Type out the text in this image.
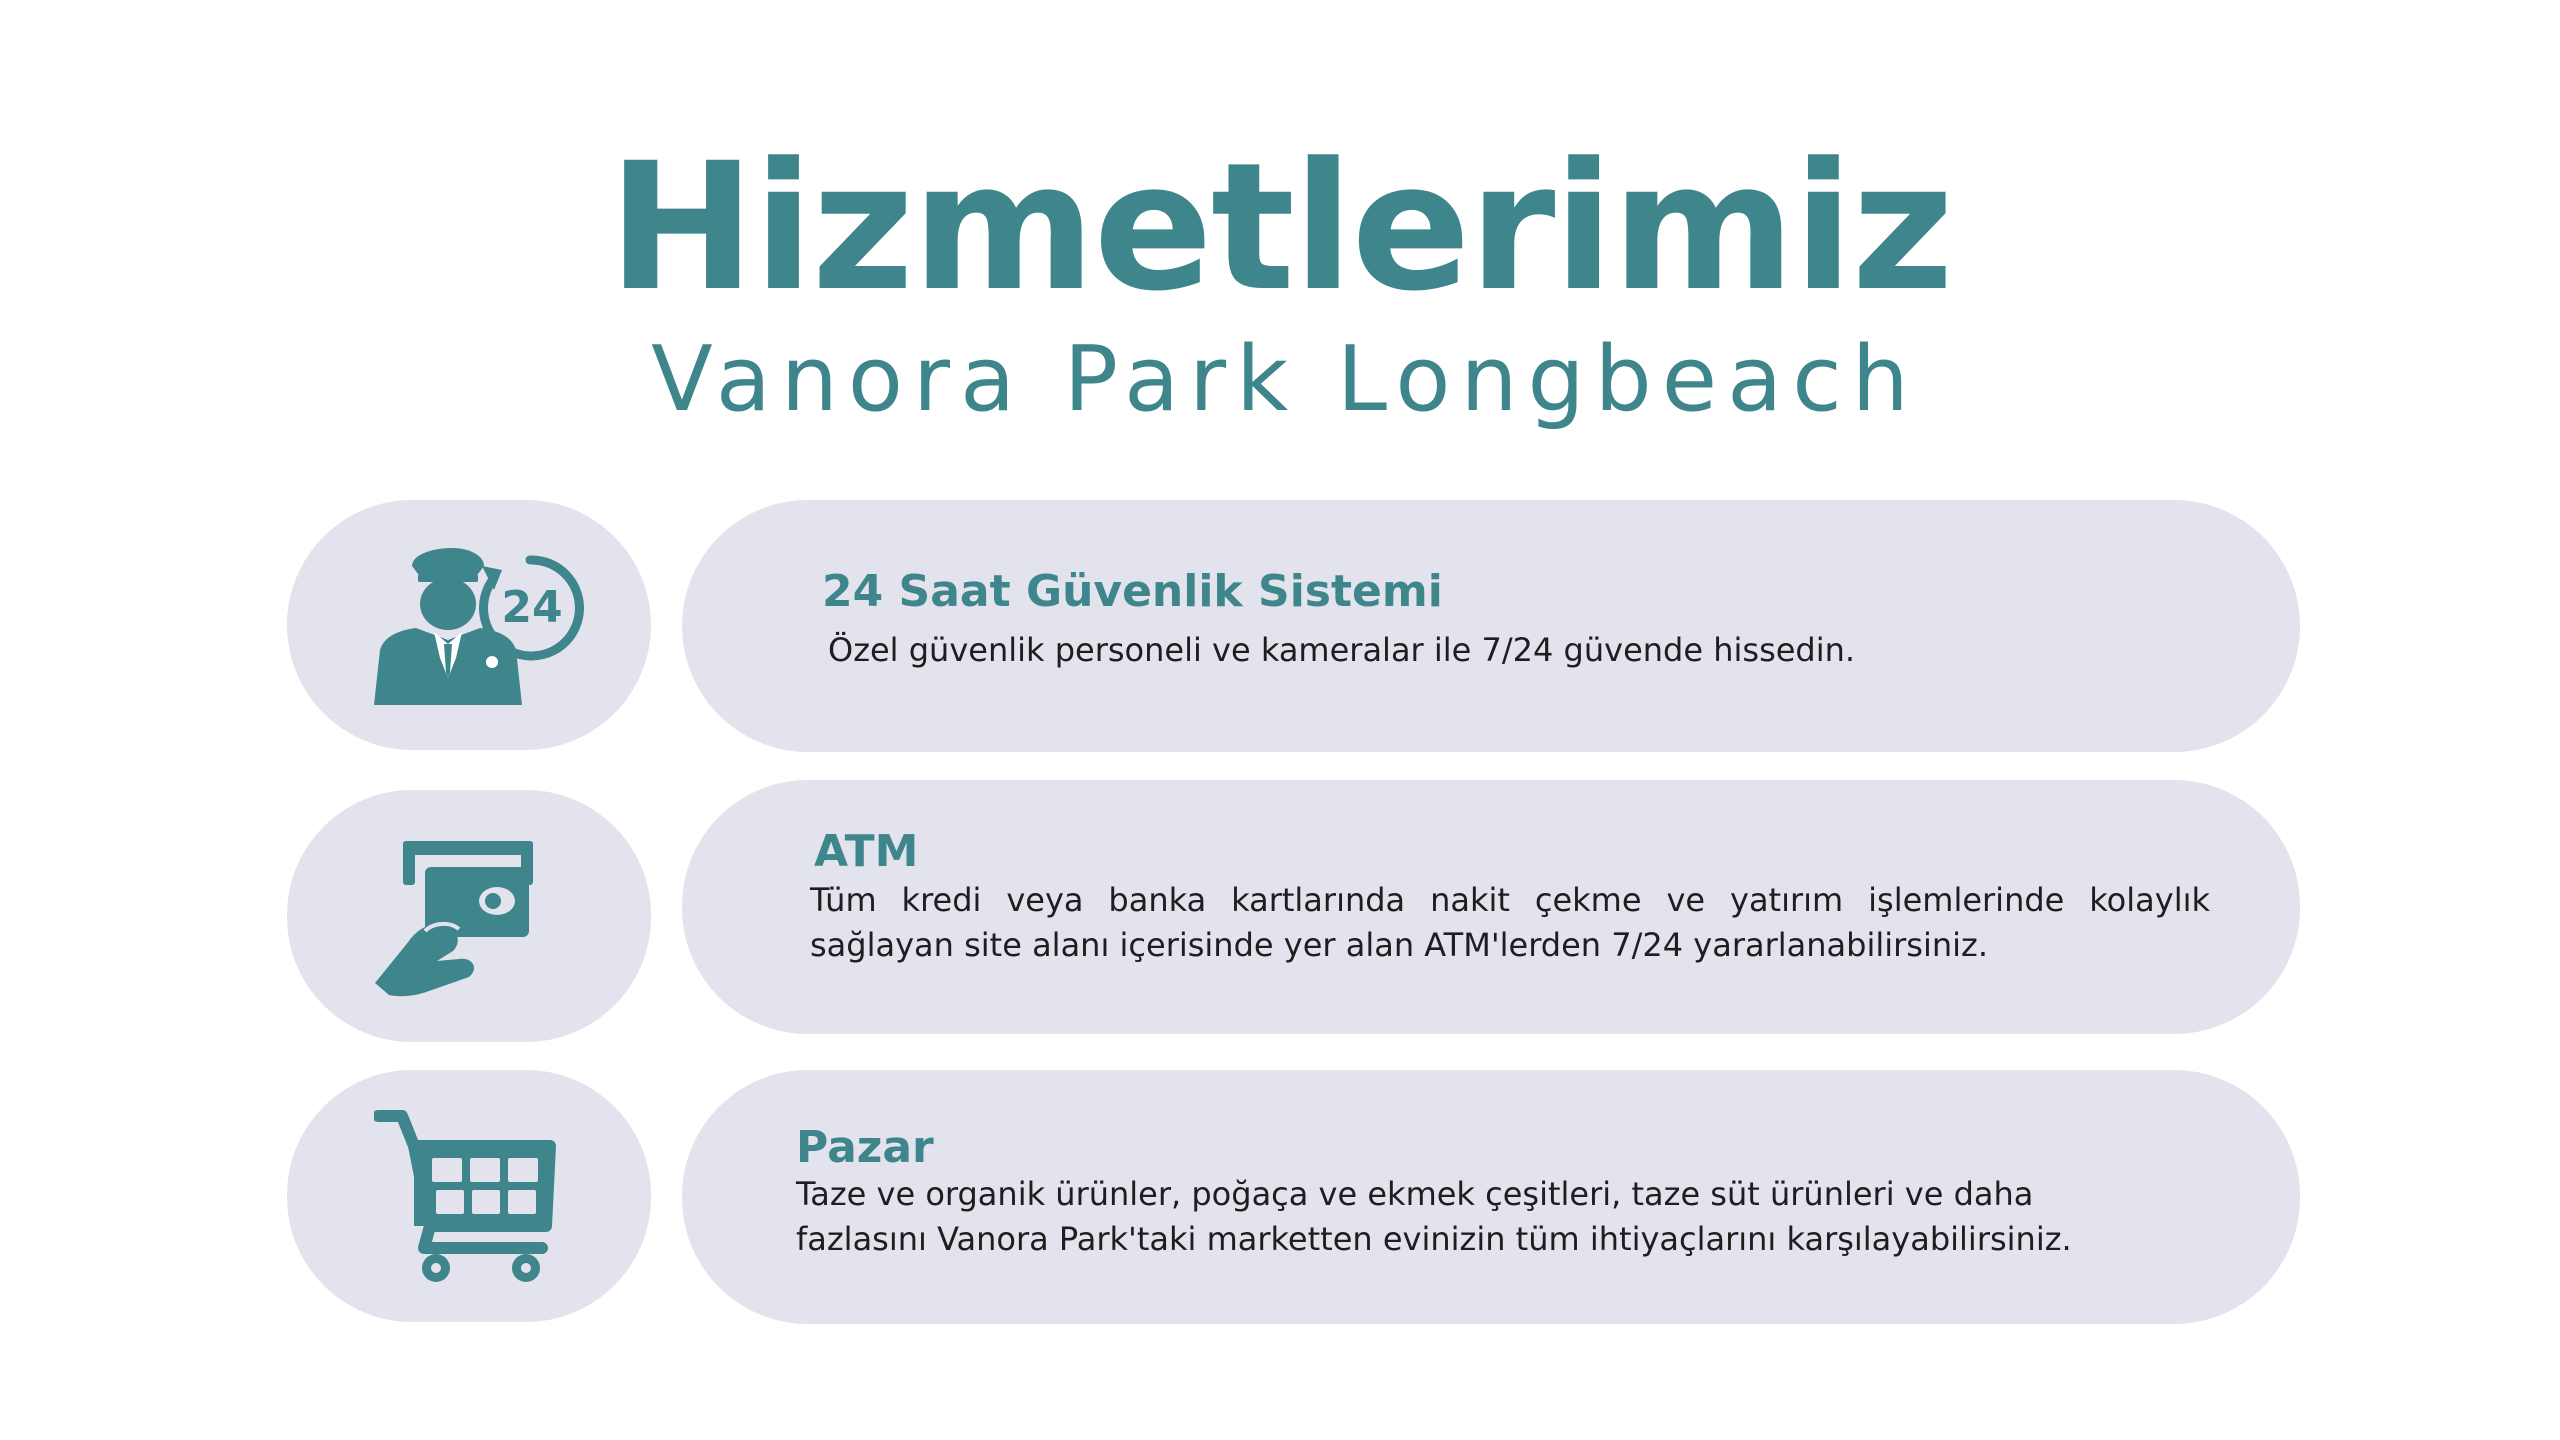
Hizmetlerimiz
Vanora Park Longbeach
24	24 Saat Güvenlik Sistemi
Özel güvenlik personeli ve kameralar ile 7/24 güvende hissedin.
ATM
Tüm kredi veya banka kartlarında nakit çekme ve yatırım işlemlerinde kolaylık sağlayan site alanı içerisinde yer alan ATM'lerden 7/24 yararlanabilirsiniz.
Pazar
Taze ve organik ürünler, poğaça ve ekmek çeşitleri, taze süt ürünleri ve daha fazlasını Vanora Park'taki marketten evinizin tüm ihtiyaçlarını karşılayabilirsiniz.
